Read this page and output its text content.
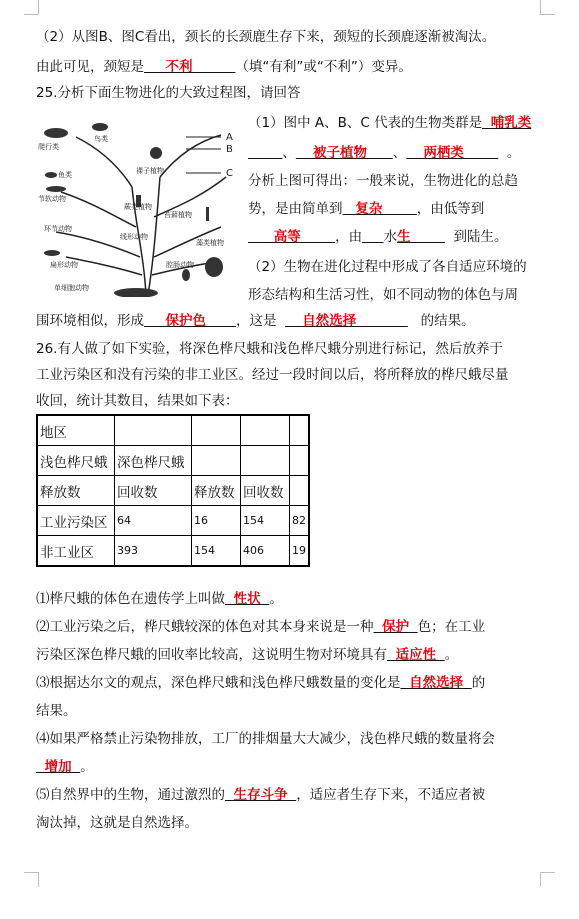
（2）从图B、图C看出，颈长的长颈鹿生存下来，颈短的长颈鹿逐渐被淘汰。
由此可见，颈短是 不利	（填“有利”或“不利”）变异。
25.分析下面生物进化的大致过程图，请回答
A
B
C
爬行类
鸟类
鱼类
节软动物
裸子植物
蕨类植物
苔藓植物
环节动物
线形动物
扁形动物
单细胞动物
藻类植物
腔肠动物
（1）图中 A、B、C 代表的生物类群是 哺乳类
、 被子植物 、 两栖类	。
分析上图可得出：一般来说，生物进化的总趋
势，是由简单到 复杂	，由低等到
高等	，由 水生	到陆生。
（2）生物在进化过程中形成了各自适应环境的
形态结构和生活习性，如不同动物的体色与周
围环境相似，形成 保护色 ，这是 自然选择	的结果。
26.有人做了如下实验，将深色桦尺蛾和浅色桦尺蛾分别进行标记，然后放养于
工业污染区和没有污染的非工业区。经过一段时间以后，将所释放的桦尺蛾尽量
收回，统计其数目，结果如下表：
地区				
浅色桦尺蛾	深色桦尺蛾			
释放数	回收数	释放数	回收数	
工业污染区	64	16	154	82
非工业区	393	154	406	19
⑴桦尺蛾的体色在遗传学上叫做 性状 。
⑵工业污染之后，桦尺蛾较深的体色对其本身来说是一种 保护 色；在工业
污染区深色桦尺蛾的回收率比较高，这说明生物对环境具有 适应性 。
⑶根据达尔文的观点，深色桦尺蛾和浅色桦尺蛾数量的变化是 自然选择 的
结果。
⑷如果严格禁止污染物排放，工厂的排烟量大大减少，浅色桦尺蛾的数量将会
增加 。
⑸自然界中的生物，通过激烈的 生存斗争 ，适应者生存下来，不适应者被
淘汰掉，这就是自然选择。
